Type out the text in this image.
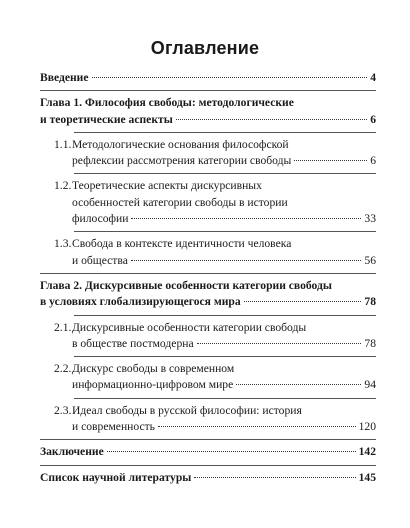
Оглавление
Введение	4
Глава 1. Философия свободы: методологические
и теоретические аспекты	6
1.1. Методологические основания философской
рефлексии рассмотрения категории свободы	6
1.2. Теоретические аспекты дискурсивных
особенностей категории свободы в истории
философии	33
1.3. Свобода в контексте идентичности человека
и общества	56
Глава 2. Дискурсивные особенности категории свободы
в условиях глобализирующегося мира	78
2.1. Дискурсивные особенности категории свободы
в обществе постмодерна	78
2.2. Дискурс свободы в современном
информационно-цифровом мире	94
2.3. Идеал свободы в русской философии: история
и современность	120
Заключение	142
Список научной литературы	145
